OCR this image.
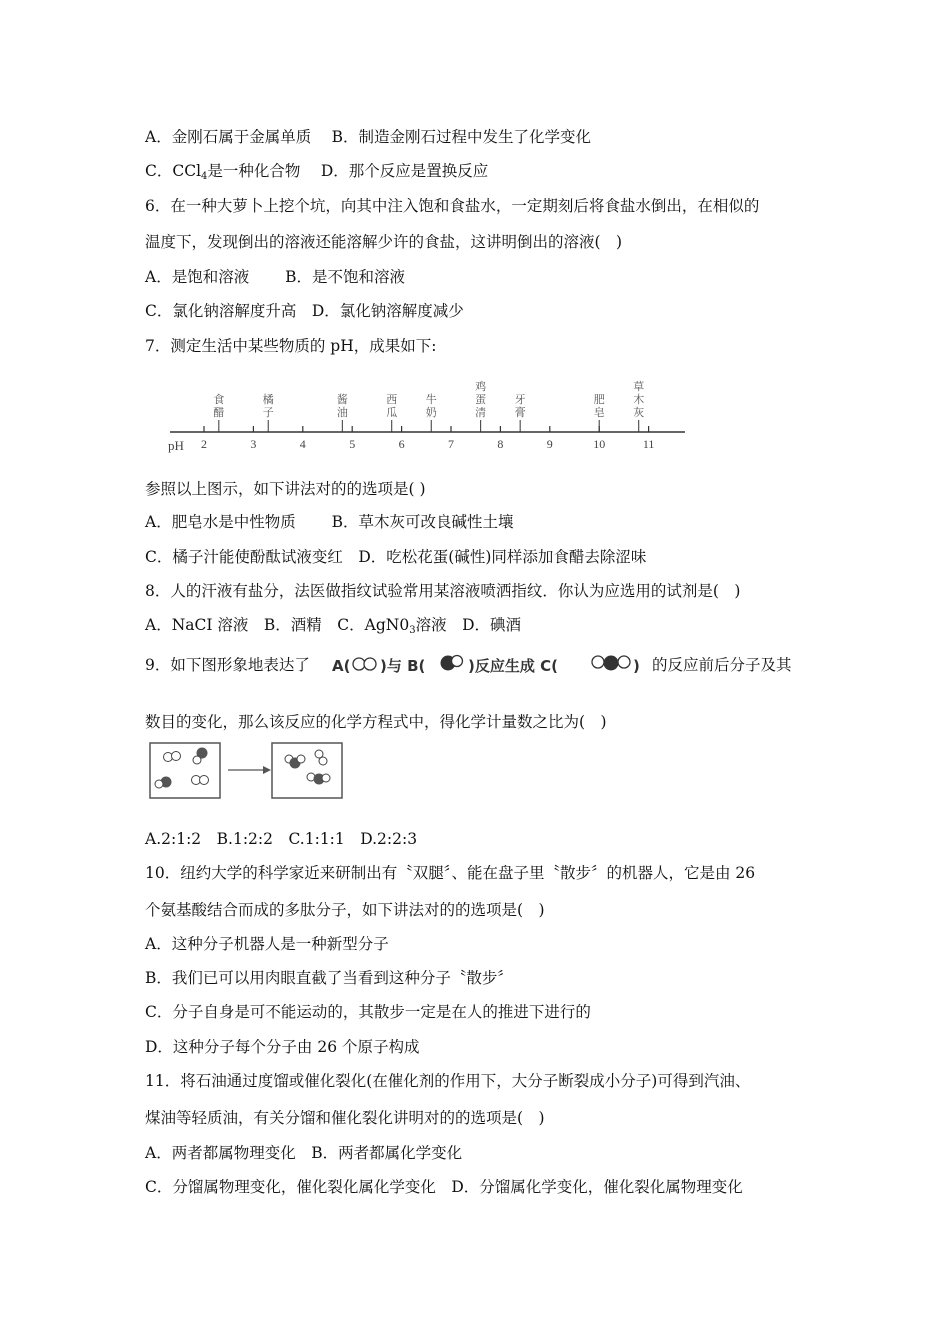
A．金刚石属于金属单质　 B．制造金刚石过程中发生了化学变化
C．CCl$_4$是一种化合物　 D．那个反应是置换反应
6．在一种大萝卜上挖个坑，向其中注入饱和食盐水，一定期刻后将食盐水倒出，在相似的
温度下，发现倒出的溶液还能溶解少许的食盐，这讲明倒出的溶液(　)
A．是饱和溶液　　 B．是不饱和溶液
C．氯化钠溶解度升高　D．氯化钠溶解度减少
7．测定生活中某些物质的 pH，成果如下:
pH 2	3	4	5	6	7	8	9	10	11
食醋
橘子
酱油
西瓜
牛奶
鸡蛋清
牙膏
肥皂
草木灰
参照以上图示，如下讲法对的的选项是( )
A．肥皂水是中性物质　　 B．草木灰可改良碱性土壤
C．橘子汁能使酚酞试液变红　D．吃松花蛋(碱性)同样添加食醋去除涩味
8．人的汗液有盐分，法医做指纹试验常用某溶液喷洒指纹．你认为应选用的试剂是(　)
A．NaCI 溶液　B．酒精　C．$AgN0_3$溶液　D．碘酒
9．如下图形象地表达了 A( )与 B(	)反应生成 C(	) 的反应前后分子及其
数目的变化，那么该反应的化学方程式中，得化学计量数之比为(　)
A.2:1:2　B.1:2:2　C.1:1:1　D.2:2:3
10．纽约大学的科学家近来研制出有〝双腿〞、能在盘子里〝散步〞的机器人，它是由 26
个氨基酸结合而成的多肽分子，如下讲法对的的选项是(　)
A．这种分子机器人是一种新型分子
B．我们已可以用肉眼直截了当看到这种分子〝散步〞
C．分子自身是可不能运动的，其散步一定是在人的推进下进行的
D．这种分子每个分子由 26 个原子构成
11．将石油通过度馏或催化裂化(在催化剂的作用下，大分子断裂成小分子)可得到汽油、
煤油等轻质油，有关分馏和催化裂化讲明对的的选项是(　)
A．两者都属物理变化　B．两者都属化学变化
C．分馏属物理变化，催化裂化属化学变化　D．分馏属化学变化，催化裂化属物理变化
